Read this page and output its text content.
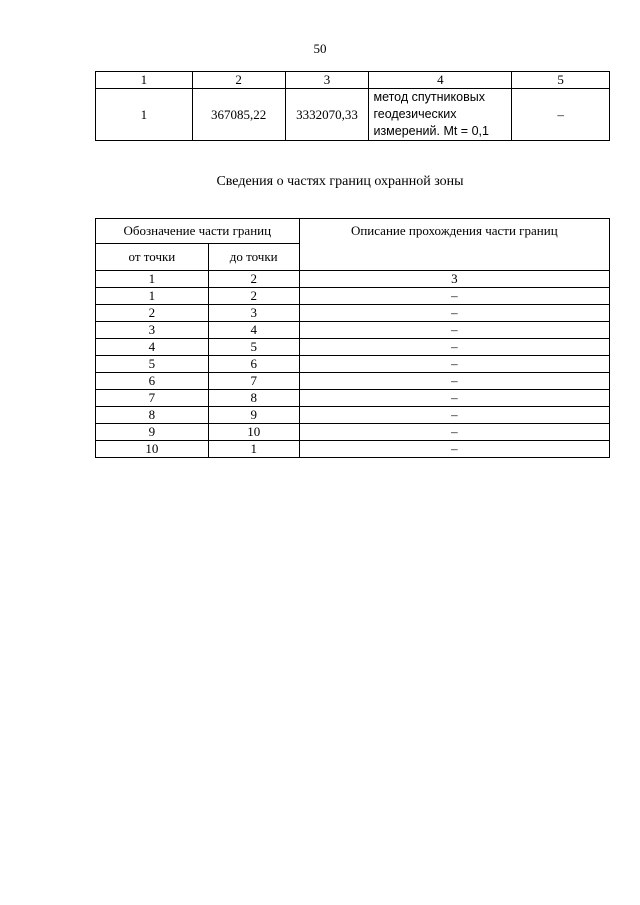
50
1	2	3	4	5
1	367085,22	3332070,33	метод спутниковых
геодезических
измерений. Mt = 0,1	–
Сведения о частях границ охранной зоны
Обозначение части границ		Описание прохождения части границ
от точки	до точки	
1	2	3
1	2	–
2	3	–
3	4	–
4	5	–
5	6	–
6	7	–
7	8	–
8	9	–
9	10	–
10	1	–
